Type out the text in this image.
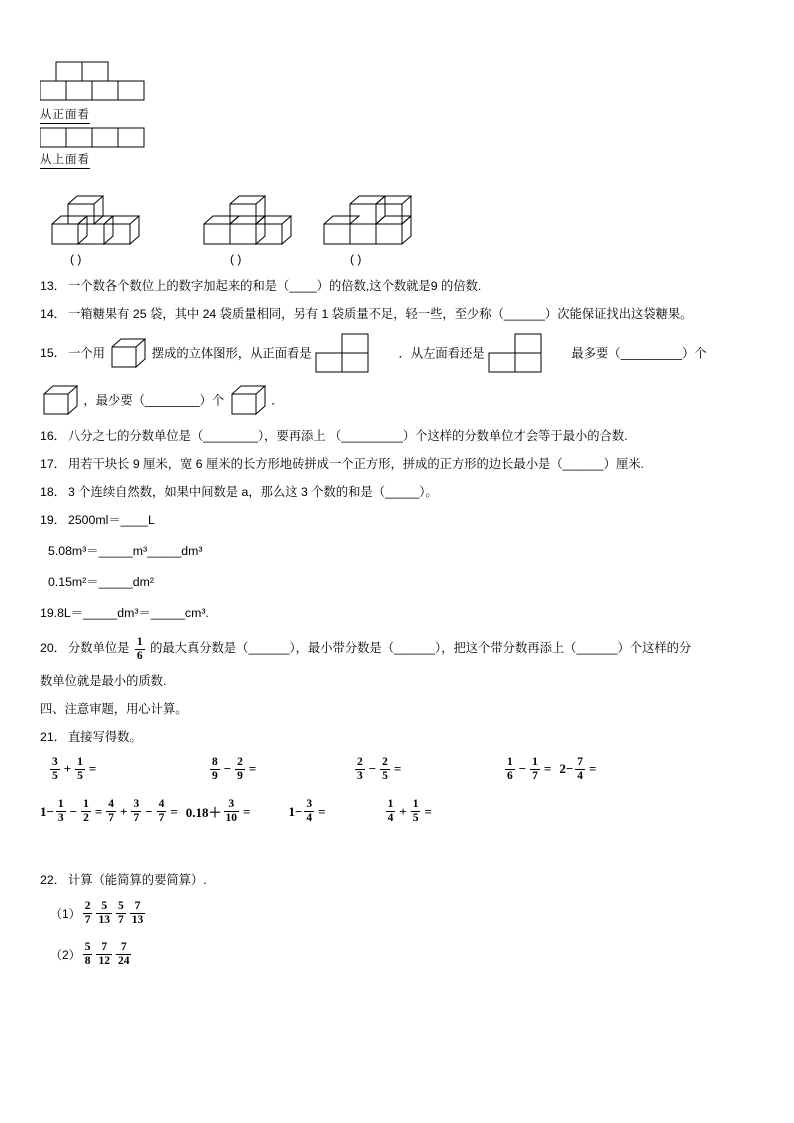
从正面看
从上面看
( )	( )	( )
13． 一个数各个数位上的数字加起来的和是（____）的倍数,这个数就是9 的倍数.
14． 一箱糖果有 25 袋，其中 24 袋质量相同，另有 1 袋质量不足，轻一些，至少称（______）次能保证找出这袋糖果。
15． 一个用	摆成的立体图形，从正面看是	．从左面看还是	最多要（_________）个
，最少要（________）个	．
16． 八分之七的分数单位是（________），要再添上 （_________）个这样的分数单位才会等于最小的合数.
17． 用若干块长 9 厘米，宽 6 厘米的长方形地砖拼成一个正方形，拼成的正方形的边长最小是（______）厘米.
18． 3 个连续自然数，如果中间数是 a，那么这 3 个数的和是（_____）。
19． 2500ml＝____L
5.08m³＝_____m³_____dm³
0.15m²＝_____dm²
19.8L＝_____dm³＝_____cm³.
20． 分数单位是 $\frac{1}{6}$ 的最大真分数是（______），最小带分数是（______），把这个带分数再添上（______）个这样的分
数单位就是最小的质数.
四、注意审题，用心计算。
21． 直接写得数。
$\frac{3}{5} + \frac{1}{5}$ =	$\frac{8}{9} - \frac{2}{9}$ =	$\frac{2}{3} - \frac{2}{5}$ =	$\frac{1}{6} - \frac{1}{7} = 2- \frac{7}{4}$ =
$1- \frac{1}{3} - \frac{1}{2} = \frac{4}{7} + \frac{3}{7} - \frac{4}{7} = 0.18+ \frac{3}{10}$ =	$1- \frac{3}{4}$ =	$\frac{1}{4} + \frac{1}{5}$ =
22． 计算（能简算的要简算）.
$(1) \frac{2}{7} \frac{5}{13} \frac{5}{7} \frac{7}{13}$
$(2) \frac{5}{8} \frac{7}{12} \frac{7}{24}$
